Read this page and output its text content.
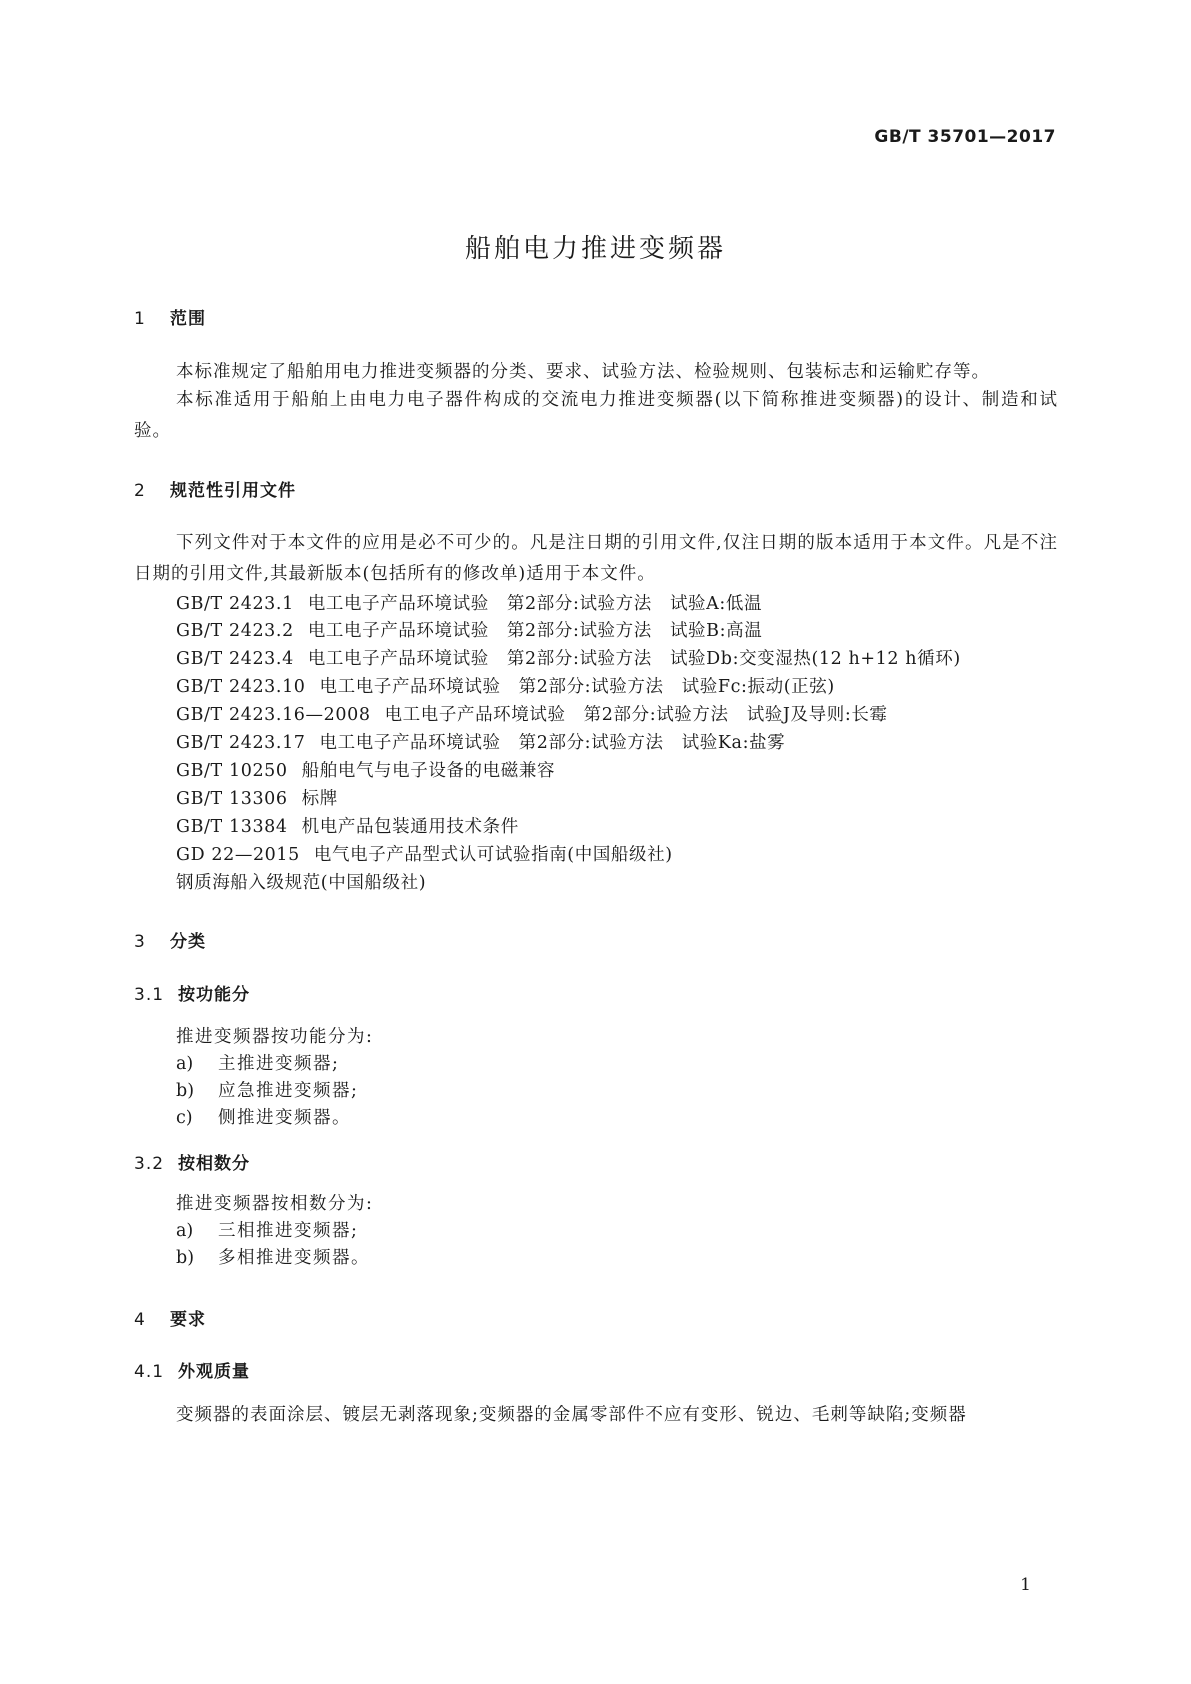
GB/T 35701—2017

船舶电力推进变频器
1 范围

本标准规定了船舶用电力推进变频器的分类、要求、试验方法、检验规则、包装标志和运输贮存等。

本标准适用于船舶上由电力电子器件构成的交流电力推进变频器(以下简称推进变频器)的设计、制造和试验。

2 规范性引用文件

下列文件对于本文件的应用是必不可少的。凡是注日期的引用文件,仅注日期的版本适用于本文件。凡是不注日期的引用文件,其最新版本(包括所有的修改单)适用于本文件。

GB/T 2423.1 电工电子产品环境试验　第2部分:试验方法　试验A:低温
GB/T 2423.2 电工电子产品环境试验　第2部分:试验方法　试验B:高温
GB/T 2423.4 电工电子产品环境试验　第2部分:试验方法　试验Db:交变湿热(12 h+12 h循环)
GB/T 2423.10 电工电子产品环境试验　第2部分:试验方法　试验Fc:振动(正弦)
GB/T 2423.16—2008 电工电子产品环境试验　第2部分:试验方法　试验J及导则:长霉
GB/T 2423.17 电工电子产品环境试验　第2部分:试验方法　试验Ka:盐雾
GB/T 10250 船舶电气与电子设备的电磁兼容
GB/T 13306 标牌
GB/T 13384 机电产品包装通用技术条件
GD 22—2015 电气电子产品型式认可试验指南(中国船级社)
钢质海船入级规范(中国船级社)
3 分类
3.1 按功能分
推进变频器按功能分为:
a) 主推进变频器;
b) 应急推进变频器;
c) 侧推进变频器。
3.2 按相数分
推进变频器按相数分为:
a) 三相推进变频器;
b) 多相推进变频器。
4 要求
4.1 外观质量

变频器的表面涂层、镀层无剥落现象;变频器的金属零部件不应有变形、锐边、毛刺等缺陷;变频器

1
